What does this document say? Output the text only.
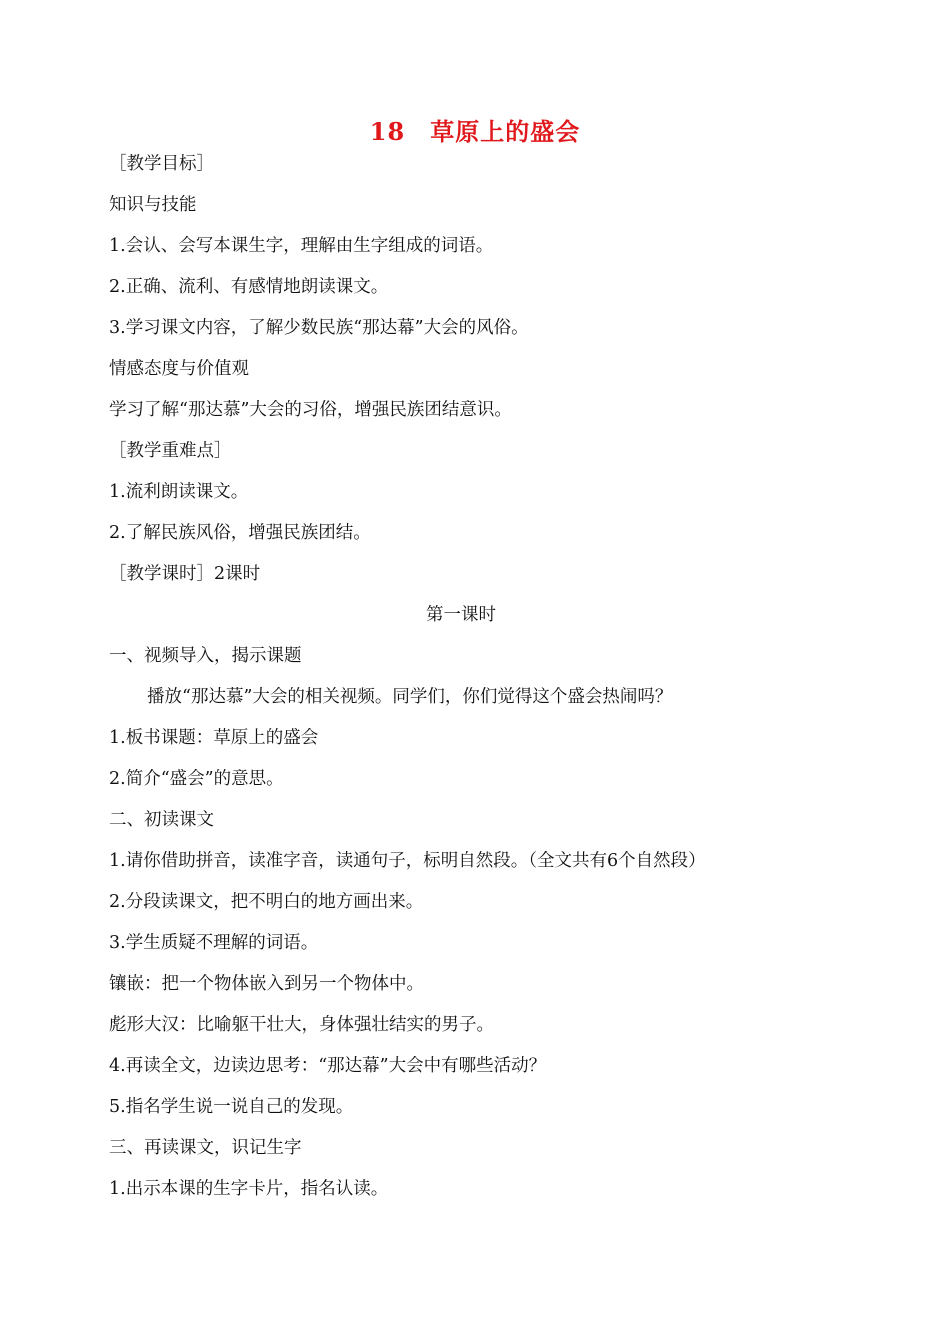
18　草原上的盛会
［教学目标］
知识与技能
1.会认、会写本课生字，理解由生字组成的词语。
2.正确、流利、有感情地朗读课文。
3.学习课文内容，了解少数民族“那达幕”大会的风俗。
情感态度与价值观
学习了解“那达慕”大会的习俗，增强民族团结意识。
［教学重难点］
1.流利朗读课文。
2.了解民族风俗，增强民族团结。
［教学课时］2课时
第一课时
一、视频导入，揭示课题
播放“那达慕”大会的相关视频。同学们，你们觉得这个盛会热闹吗？
1.板书课题：草原上的盛会
2.简介“盛会”的意思。
二、初读课文
1.请你借助拼音，读准字音，读通句子，标明自然段。（全文共有6个自然段）
2.分段读课文，把不明白的地方画出来。
3.学生质疑不理解的词语。
镶嵌：把一个物体嵌入到另一个物体中。
彪形大汉：比喻躯干壮大，身体强壮结实的男子。
4.再读全文，边读边思考：“那达幕”大会中有哪些活动？
5.指名学生说一说自己的发现。
三、再读课文，识记生字
1.出示本课的生字卡片，指名认读。
